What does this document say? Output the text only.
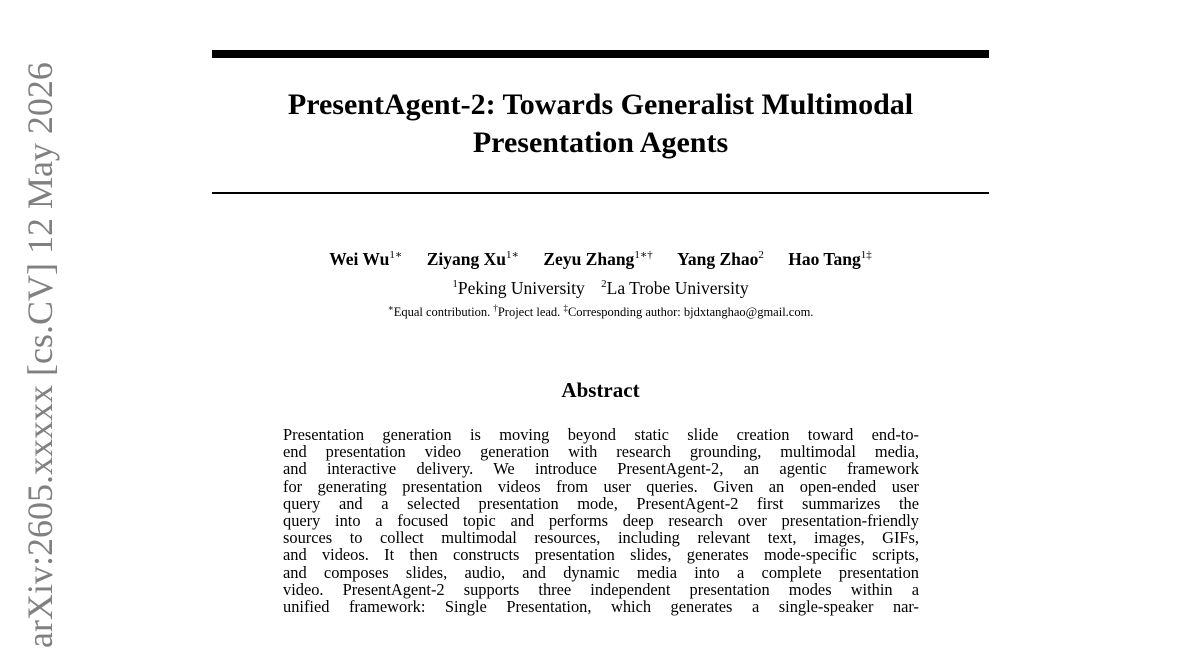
PresentAgent-2: Towards Generalist Multimodal
Presentation Agents
Wei $Wu^{1∗}$ Ziyang $Xu^{1∗}$ Zeyu Zhang$^{1∗\dagger}$ Yang Zhao$^2$ Hao Tang$^{1\ddagger}$
$^1$Peking University $^2$La Trobe University
∗Equal contribution. †Project lead. ‡Corresponding author: bjdxtanghao@gmail.com.
Abstract
Presentation generation is moving beyond static slide creation toward end-to-
end presentation video generation with research grounding, multimodal media,
and interactive delivery. We introduce PresentAgent-2, an agentic framework
for generating presentation videos from user queries. Given an open-ended user
query and a selected presentation mode, PresentAgent-2 first summarizes the
query into a focused topic and performs deep research over presentation-friendly
sources to collect multimodal resources, including relevant text, images, GIFs,
and videos. It then constructs presentation slides, generates mode-specific scripts,
and composes slides, audio, and dynamic media into a complete presentation
video. PresentAgent-2 supports three independent presentation modes within a
unified framework: Single Presentation, which generates a single-speaker nar-
arXiv:2605.xxxxx [cs.CV] 12 May 2026
